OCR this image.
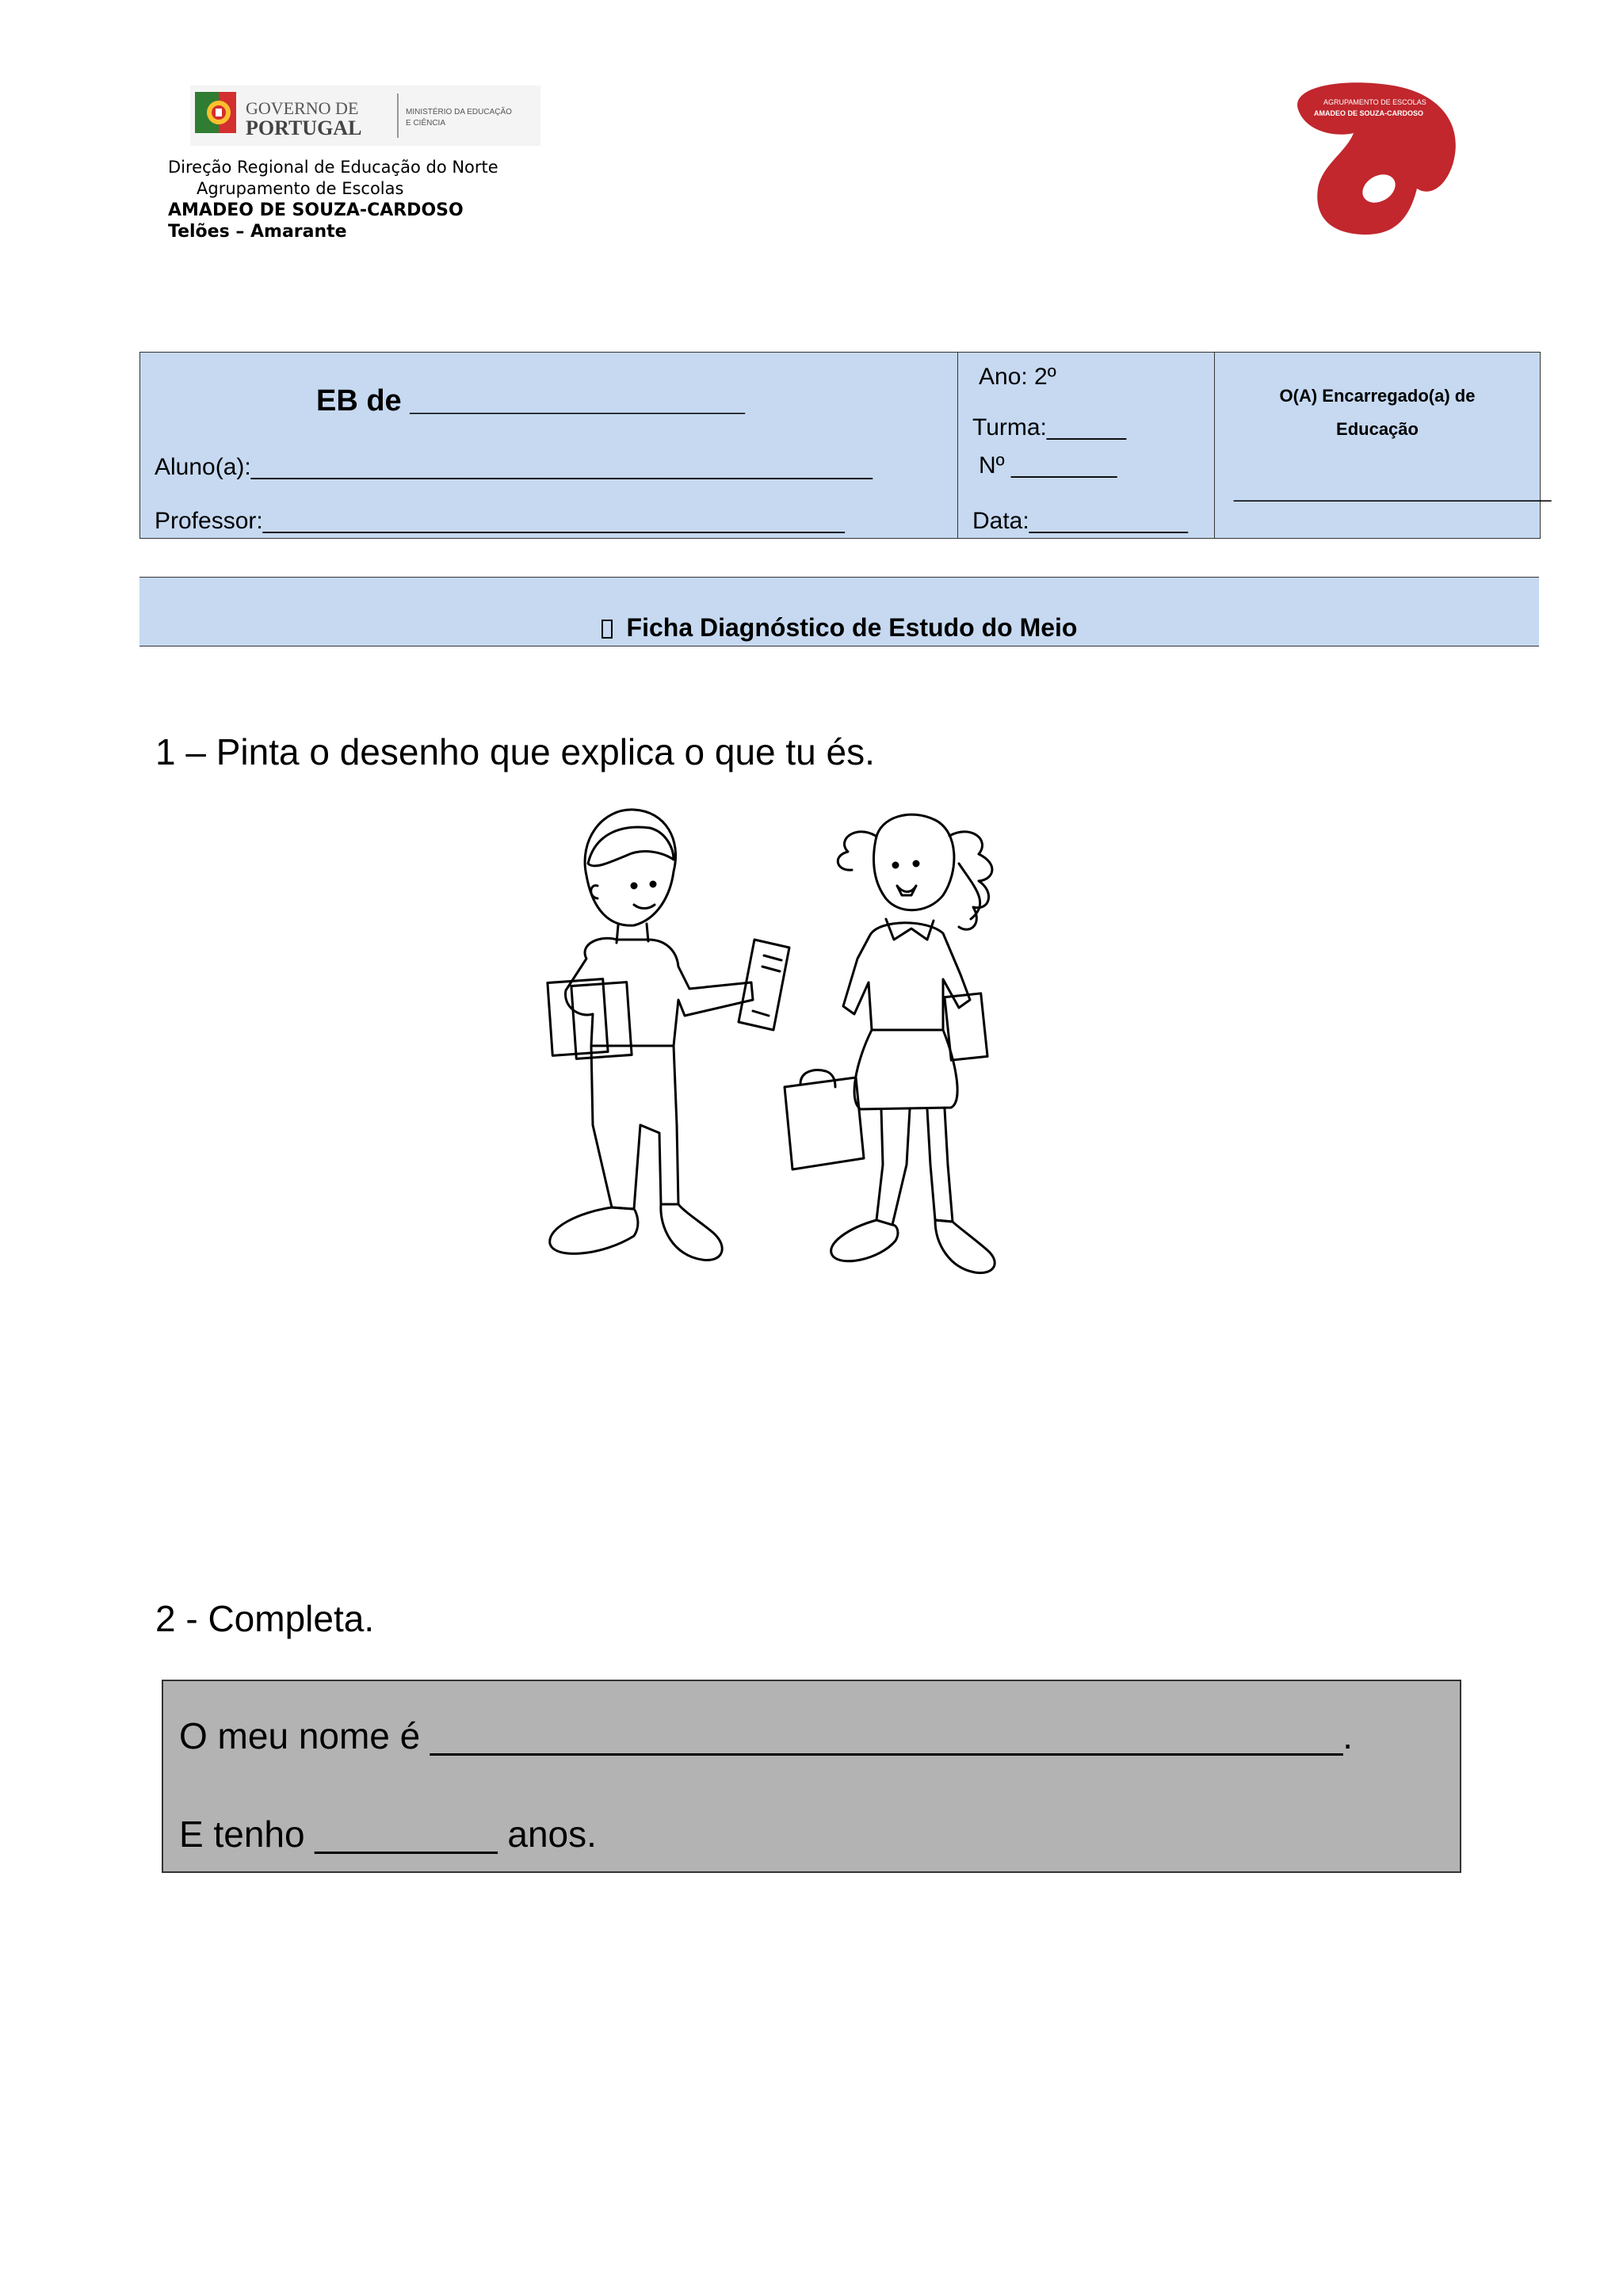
GOVERNO DE
PORTUGAL
MINISTÉRIO DA EDUCAÇÃO
E CIÊNCIA
Direção Regional de Educação do Norte
Agrupamento de Escolas
AMADEO DE SOUZA-CARDOSO
Telões – Amarante
AGRUPAMENTO DE ESCOLAS
AMADEO DE SOUZA-CARDOSO
EB de ____________________
Aluno(a):_______________________________________________
Professor:____________________________________________
Ano: 2º
Turma:______
Nº ________
Data:____________
O(A) Encarregado(a) de
Educação
______________________________
Ficha Diagnóstico de Estudo do Meio
1 – Pinta o desenho que explica o que tu és.
2 - Completa.
O meu nome é _____________________________________________.
E tenho _________ anos.
